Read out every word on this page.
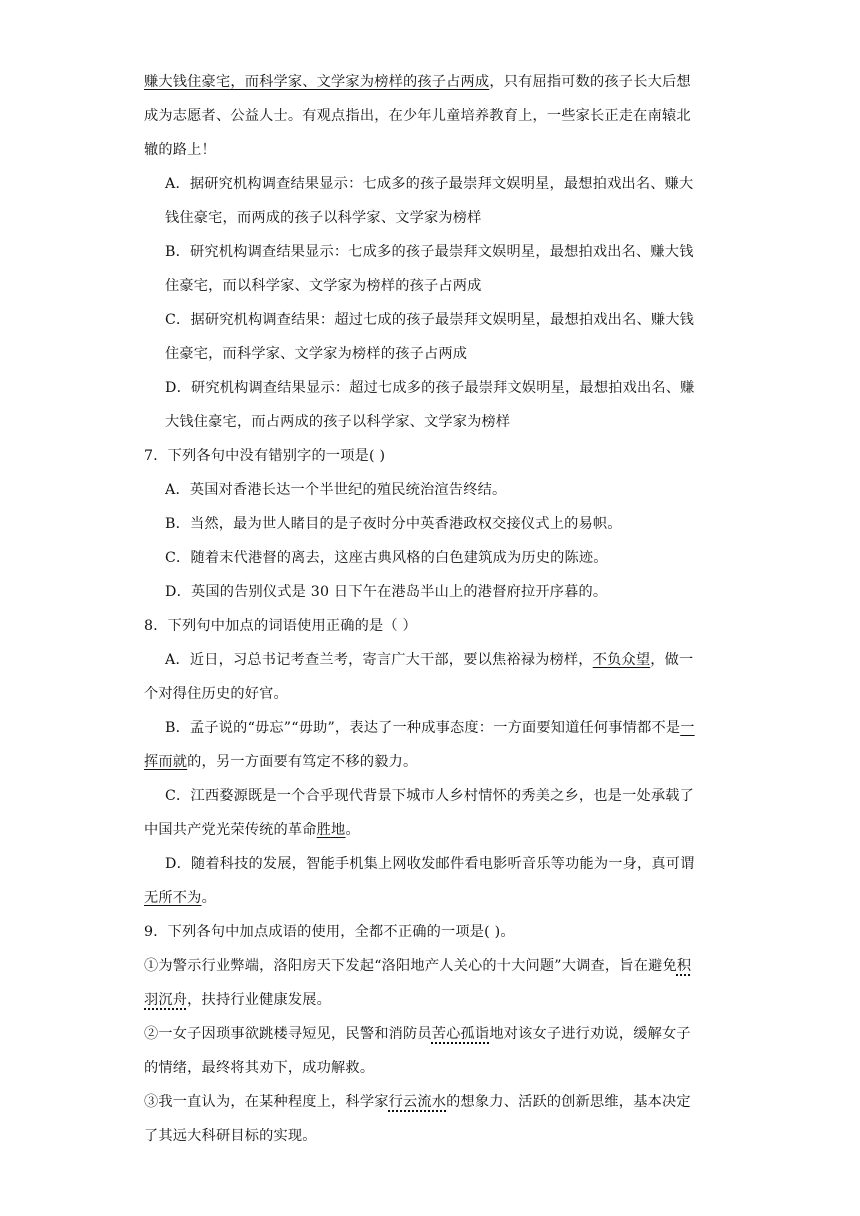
赚大钱住豪宅，而科学家、文学家为榜样的孩子占两成，只有屈指可数的孩子长大后想
成为志愿者、公益人士。有观点指出，在少年儿童培养教育上，一些家长正走在南辕北
辙的路上！
A．据研究机构调查结果显示：七成多的孩子最崇拜文娱明星，最想拍戏出名、赚大
钱住豪宅，而两成的孩子以科学家、文学家为榜样
B．研究机构调查结果显示：七成多的孩子最崇拜文娱明星，最想拍戏出名、赚大钱
住豪宅，而以科学家、文学家为榜样的孩子占两成
C．据研究机构调查结果：超过七成的孩子最崇拜文娱明星，最想拍戏出名、赚大钱
住豪宅，而科学家、文学家为榜样的孩子占两成
D．研究机构调查结果显示：超过七成多的孩子最崇拜文娱明星，最想拍戏出名、赚
大钱住豪宅，而占两成的孩子以科学家、文学家为榜样
7．下列各句中没有错别字的一项是( )
A．英国对香港长达一个半世纪的殖民统治渲告终结。
B．当然，最为世人睹目的是子夜时分中英香港政权交接仪式上的易帜。
C．随着末代港督的离去，这座古典风格的白色建筑成为历史的陈迹。
D．英国的告别仪式是 30 日下午在港岛半山上的港督府拉开序暮的。
8．下列句中加点的词语使用正确的是（ ）
A．近日，习总书记考查兰考，寄言广大干部，要以焦裕禄为榜样，不负众望，做一
个对得住历史的好官。
B．孟子说的“毋忘”“毋助”，表达了一种成事态度：一方面要知道任何事情都不是一
挥而就的，另一方面要有笃定不移的毅力。
C．江西婺源既是一个合乎现代背景下城市人乡村情怀的秀美之乡，也是一处承载了
中国共产党光荣传统的革命胜地。
D．随着科技的发展，智能手机集上网收发邮件看电影听音乐等功能为一身，真可谓
无所不为。
9．下列各句中加点成语的使用，全都不正确的一项是( )。
①为警示行业弊端，洛阳房天下发起“洛阳地产人关心的十大问题”大调查，旨在避免积
羽沉舟，扶持行业健康发展。
②一女子因琐事欲跳楼寻短见，民警和消防员苦心孤诣地对该女子进行劝说，缓解女子
的情绪，最终将其劝下，成功解救。
③我一直认为，在某种程度上，科学家行云流水的想象力、活跃的创新思维，基本决定
了其远大科研目标的实现。
